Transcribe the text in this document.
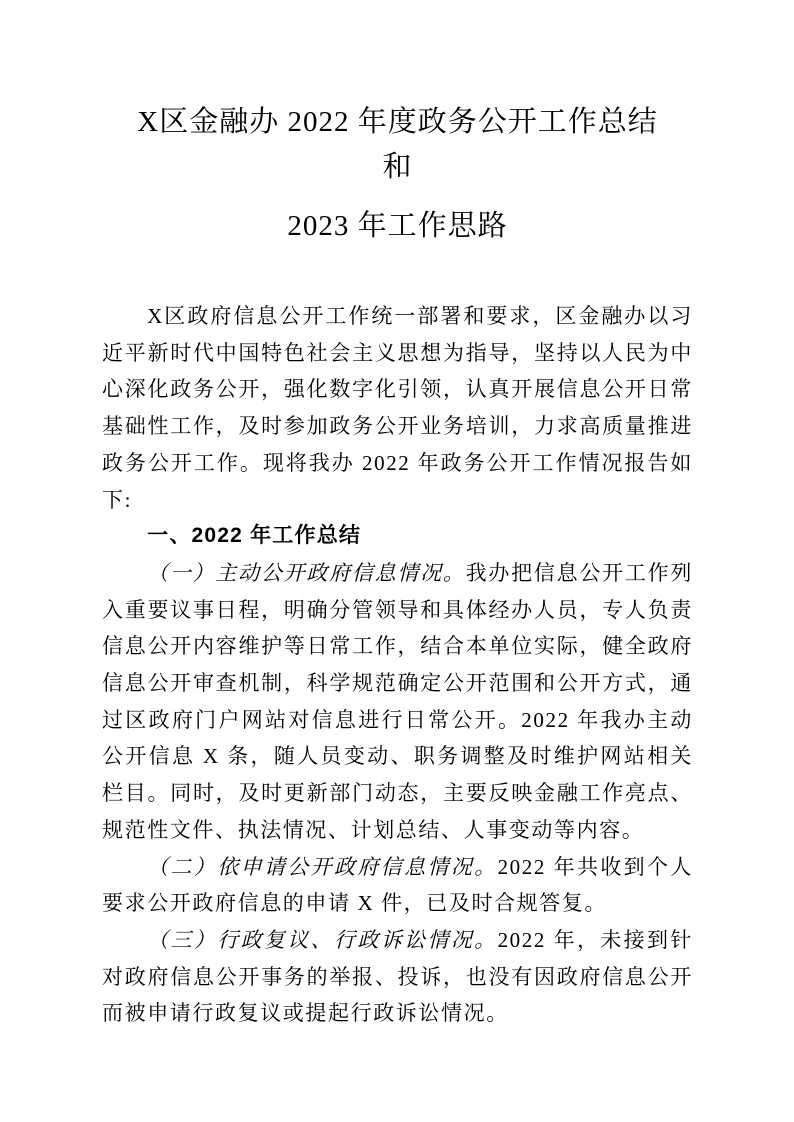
X区金融办 2022 年度政务公开工作总结
和
2023 年工作思路

X区政府信息公开工作统一部署和要求，区金融办以习近平新时代中国特色社会主义思想为指导，坚持以人民为中心深化政务公开，强化数字化引领，认真开展信息公开日常基础性工作，及时参加政务公开业务培训，力求高质量推进政务公开工作。现将我办 2022 年政务公开工作情况报告如下:

一、2022 年工作总结

（一）主动公开政府信息情况。我办把信息公开工作列入重要议事日程，明确分管领导和具体经办人员，专人负责信息公开内容维护等日常工作，结合本单位实际，健全政府信息公开审查机制，科学规范确定公开范围和公开方式，通过区政府门户网站对信息进行日常公开。2022 年我办主动公开信息 X 条，随人员变动、职务调整及时维护网站相关栏目。同时，及时更新部门动态，主要反映金融工作亮点、规范性文件、执法情况、计划总结、人事变动等内容。

（二）依申请公开政府信息情况。2022 年共收到个人要求公开政府信息的申请 X 件，已及时合规答复。

（三）行政复议、行政诉讼情况。2022 年，未接到针对政府信息公开事务的举报、投诉，也没有因政府信息公开而被申请行政复议或提起行政诉讼情况。
